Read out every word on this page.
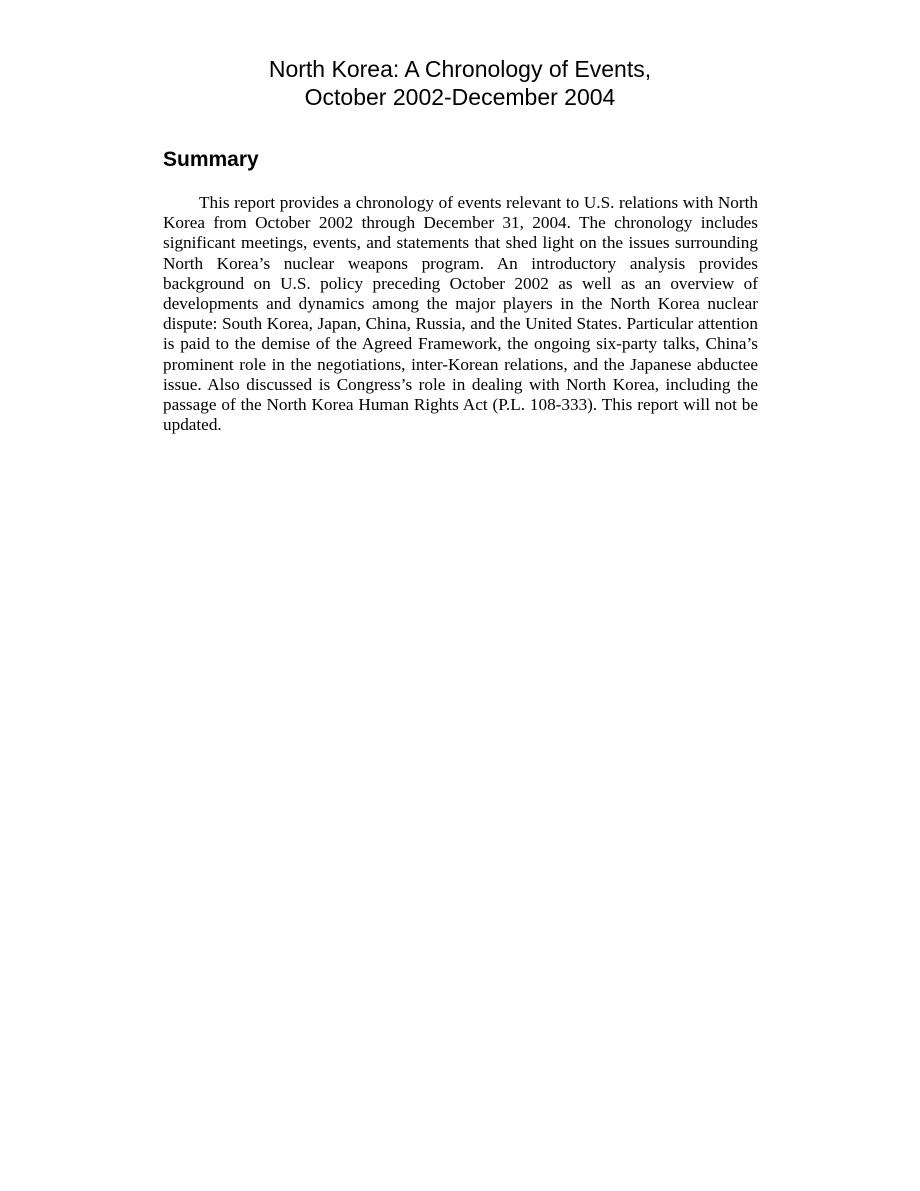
North Korea: A Chronology of Events,
October 2002-December 2004
Summary

This report provides a chronology of events relevant to U.S. relations with North Korea from October 2002 through December 31, 2004. The chronology includes significant meetings, events, and statements that shed light on the issues surrounding North Korea’s nuclear weapons program. An introductory analysis provides background on U.S. policy preceding October 2002 as well as an overview of developments and dynamics among the major players in the North Korea nuclear dispute: South Korea, Japan, China, Russia, and the United States. Particular attention is paid to the demise of the Agreed Framework, the ongoing six-party talks, China’s prominent role in the negotiations, inter-Korean relations, and the Japanese abductee issue. Also discussed is Congress’s role in dealing with North Korea, including the passage of the North Korea Human Rights Act (P.L. 108-333). This report will not be updated.
